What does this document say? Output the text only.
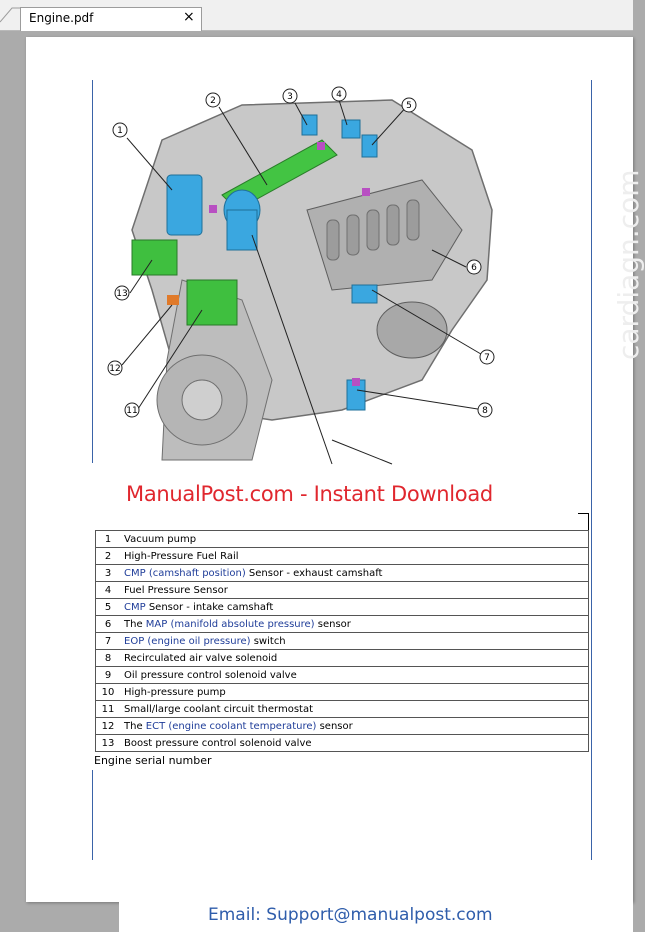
Engine.pdf	×
cardiagn.com
1
2	3	4
5
6
7
8
11
12
13
ManualPost.com - Instant Download
1	Vacuum pump
2	High-Pressure Fuel Rail
3	CMP (camshaft position) Sensor - exhaust camshaft
4	Fuel Pressure Sensor
5	CMP Sensor - intake camshaft
6	The MAP (manifold absolute pressure) sensor
7	EOP (engine oil pressure) switch
8	Recirculated air valve solenoid
9	Oil pressure control solenoid valve
10	High-pressure pump
11	Small/large coolant circuit thermostat
12	The ECT (engine coolant temperature) sensor
13	Boost pressure control solenoid valve
Engine serial number
Email: Support@manualpost.com
